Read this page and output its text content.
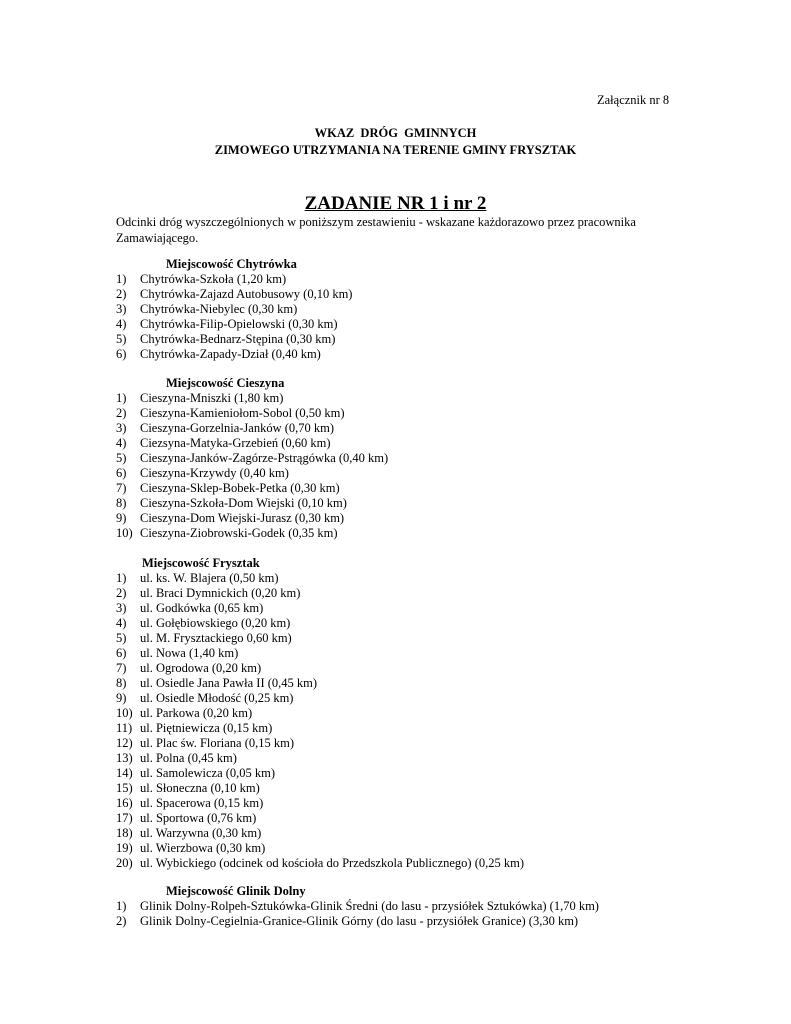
Załącznik nr 8
WKAZ  DRÓG  GMINNYCH
ZIMOWEGO UTRZYMANIA NA TERENIE GMINY FRYSZTAK
ZADANIE NR 1 i nr 2
Odcinki dróg wyszczególnionych w poniższym zestawieniu - wskazane każdorazowo przez pracownika Zamawiającego.
Miejscowość Chytrówka
1) Chytrówka-Szkoła (1,20 km)
2) Chytrówka-Zajazd Autobusowy (0,10 km)
3) Chytrówka-Niebylec (0,30 km)
4) Chytrówka-Filip-Opielowski (0,30 km)
5) Chytrówka-Bednarz-Stępina (0,30 km)
6) Chytrówka-Zapady-Dział (0,40 km)
Miejscowość Cieszyna
1) Cieszyna-Mniszki (1,80 km)
2) Cieszyna-Kamieniołom-Sobol (0,50 km)
3) Cieszyna-Gorzelnia-Janków (0,70 km)
4) Ciezsyna-Matyka-Grzebień (0,60 km)
5) Cieszyna-Janków-Zagórze-Pstrągówka (0,40 km)
6) Cieszyna-Krzywdy (0,40 km)
7) Cieszyna-Sklep-Bobek-Petka (0,30 km)
8) Cieszyna-Szkoła-Dom Wiejski (0,10 km)
9) Cieszyna-Dom Wiejski-Jurasz (0,30 km)
10) Cieszyna-Ziobrowski-Godek (0,35 km)
Miejscowość Frysztak
1) ul. ks. W. Blajera (0,50 km)
2) ul. Braci Dymnickich (0,20 km)
3) ul. Godkówka (0,65 km)
4) ul. Gołębiowskiego (0,20 km)
5) ul. M. Frysztackiego 0,60 km)
6) ul. Nowa (1,40 km)
7) ul. Ogrodowa (0,20 km)
8) ul. Osiedle Jana Pawła II (0,45 km)
9) ul. Osiedle Młodość (0,25 km)
10) ul. Parkowa (0,20 km)
11) ul. Piętniewicza (0,15 km)
12) ul. Plac św. Floriana (0,15 km)
13) ul. Polna (0,45 km)
14) ul. Samolewicza (0,05 km)
15) ul. Słoneczna (0,10 km)
16) ul. Spacerowa (0,15 km)
17) ul. Sportowa (0,76 km)
18) ul. Warzywna (0,30 km)
19) ul. Wierzbowa (0,30 km)
20) ul. Wybickiego (odcinek od kościoła do Przedszkola Publicznego) (0,25 km)
Miejscowość Glinik Dolny
1) Glinik Dolny-Rolpeh-Sztukówka-Glinik Średni (do lasu - przysiółek Sztukówka) (1,70 km)
2) Glinik Dolny-Cegielnia-Granice-Glinik Górny (do lasu - przysiółek Granice) (3,30 km)
